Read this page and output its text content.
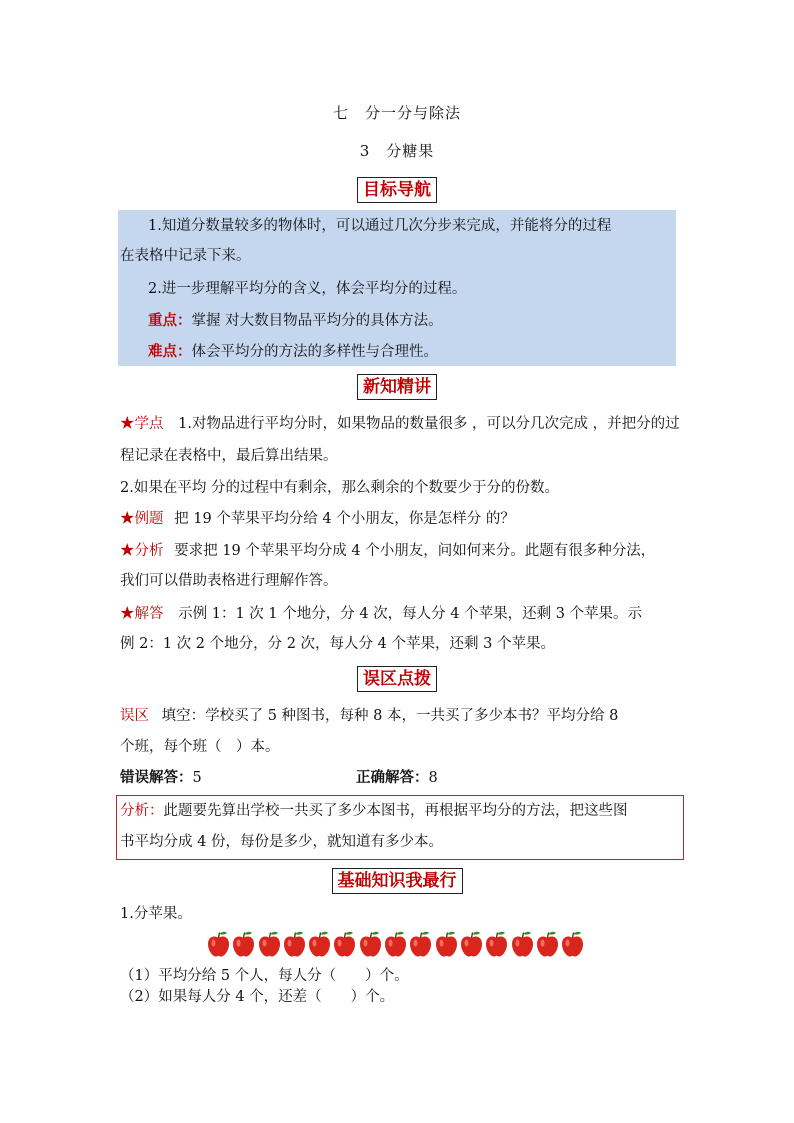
七　分一分与除法
3　分糖果
目标导航
1.知道分数量较多的物体时，可以通过几次分步来完成，并能将分的过程
在表格中记录下来。
2.进一步理解平均分的含义，体会平均分的过程。
重点：掌握 对大数目物品平均分的具体方法。
难点：体会平均分的方法的多样性与合理性。
新知精讲
★学点 1.对物品进行平均分时，如果物品的数量很多 ，可以分几次完成 ，并把分的过
程记录在表格中，最后算出结果。
2.如果在平均 分的过程中有剩余，那么剩余的个数要少于分的份数。
★例题 把 19 个苹果平均分给 4 个小朋友，你是怎样分 的？
★分析 要求把 19 个苹果平均分成 4 个小朋友，问如何来分。此题有很多种分法，
我们可以借助表格进行理解作答。
★解答 示例 1：1 次 1 个地分，分 4 次，每人分 4 个苹果，还剩 3 个苹果。示
例 2：1 次 2 个地分，分 2 次，每人分 4 个苹果，还剩 3 个苹果。
误区点拨
误区 填空：学校买了 5 种图书，每种 8 本，一共买了多少本书？平均分给 8
个班，每个班（　）本。
错误解答：5	正确解答：8
分析：此题要先算出学校一共买了多少本图书，再根据平均分的方法，把这些图
书平均分成 4 份，每份是多少，就知道有多少本。
基础知识我最行
1.分苹果。
（1）平均分给 5 个人，每人分（　　）个。
（2）如果每人分 4 个，还差（　　）个。
